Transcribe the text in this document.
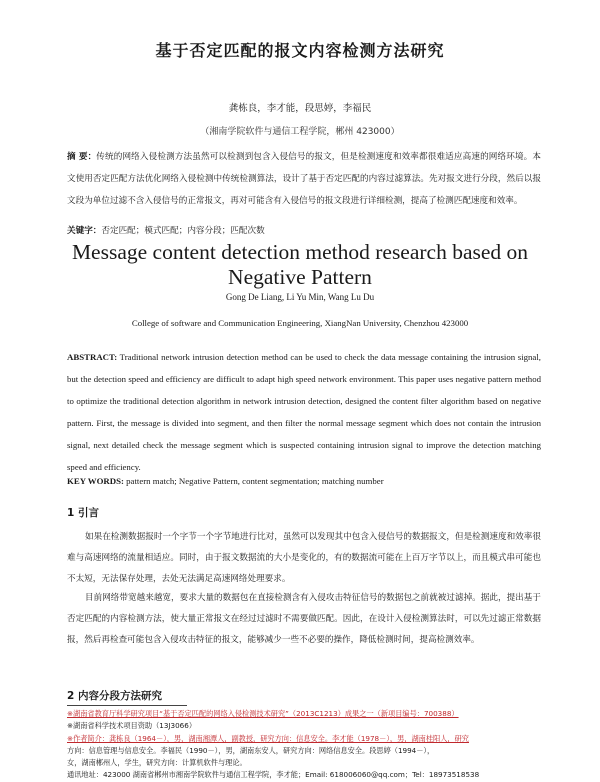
基于否定匹配的报文内容检测方法研究
龚栋良，李才能，段思婷，李福民
（湘南学院软件与通信工程学院，郴州 423000）
摘 要：传统的网络入侵检测方法虽然可以检测到包含入侵信号的报文，但是检测速度和效率都很难适应高速的网络环境。本文使用否定匹配方法优化网络入侵检测中传统检测算法，设计了基于否定匹配的内容过滤算法。先对报文进行分段，然后以报文段为单位过滤不含入侵信号的正常报文，再对可能含有入侵信号的报文段进行详细检测，提高了检测匹配速度和效率。
关键字：否定匹配；模式匹配；内容分段；匹配次数
Message content detection method research based on Negative Pattern
Gong De Liang, Li Yu Min, Wang Lu Du
College of software and Communication Engineering, XiangNan University, Chenzhou 423000
ABSTRACT: Traditional network intrusion detection method can be used to check the data message containing the intrusion signal, but the detection speed and efficiency are difficult to adapt high speed network environment. This paper uses negative pattern method to optimize the traditional detection algorithm in network intrusion detection, designed the content filter algorithm based on negative pattern. First, the message is divided into segment, and then filter the normal message segment which does not contain the intrusion signal, next detailed check the message segment which is suspected containing intrusion signal to improve the detection matching speed and efficiency.
KEY WORDS: pattern match; Negative Pattern, content segmentation; matching number
1 引言
如果在检测数据报时一个字节一个字节地进行比对，虽然可以发现其中包含入侵信号的数据报文，但是检测速度和效率很难与高速网络的流量相适应。同时，由于报文数据流的大小是变化的，有的数据流可能在上百万字节以上，而且模式串可能也不太短，无法保存处理，去处无法满足高速网络处理要求。
目前网络带宽越来越宽，要求大量的数据包在直接检测含有入侵攻击特征信号的数据包之前就被过滤掉。据此，提出基于否定匹配的内容检测方法，使大量正常报文在经过过滤时不需要做匹配。因此，在设计入侵检测算法时，可以先过滤正常数据报，然后再检查可能包含入侵攻击特征的报文，能够减少一些不必要的操作，降低检测时间，提高检测效率。
2 内容分段方法研究
※湖南省教育厅科学研究项目“基于否定匹配的网络入侵检测技术研究”（2013C1213）成果之一（新项目编号：700388）
※湖南省科学技术项目资助（13J3066）
※作者简介：龚栋良（1964－），男，湖南湘潭人，副教授，研究方向：信息安全。李才能（1978－），男，湖南桂阳人，研究
方向：信息管理与信息安全。李福民（1990－），男，湖南东安人，研究方向：网络信息安全。段思婷（1994－），
女，湖南郴州人，学生，研究方向：计算机软件与理论。
通讯地址：423000 湖南省郴州市湘南学院软件与通信工程学院，李才能；Email: 618006060@qq.com；Tel：18973518538
